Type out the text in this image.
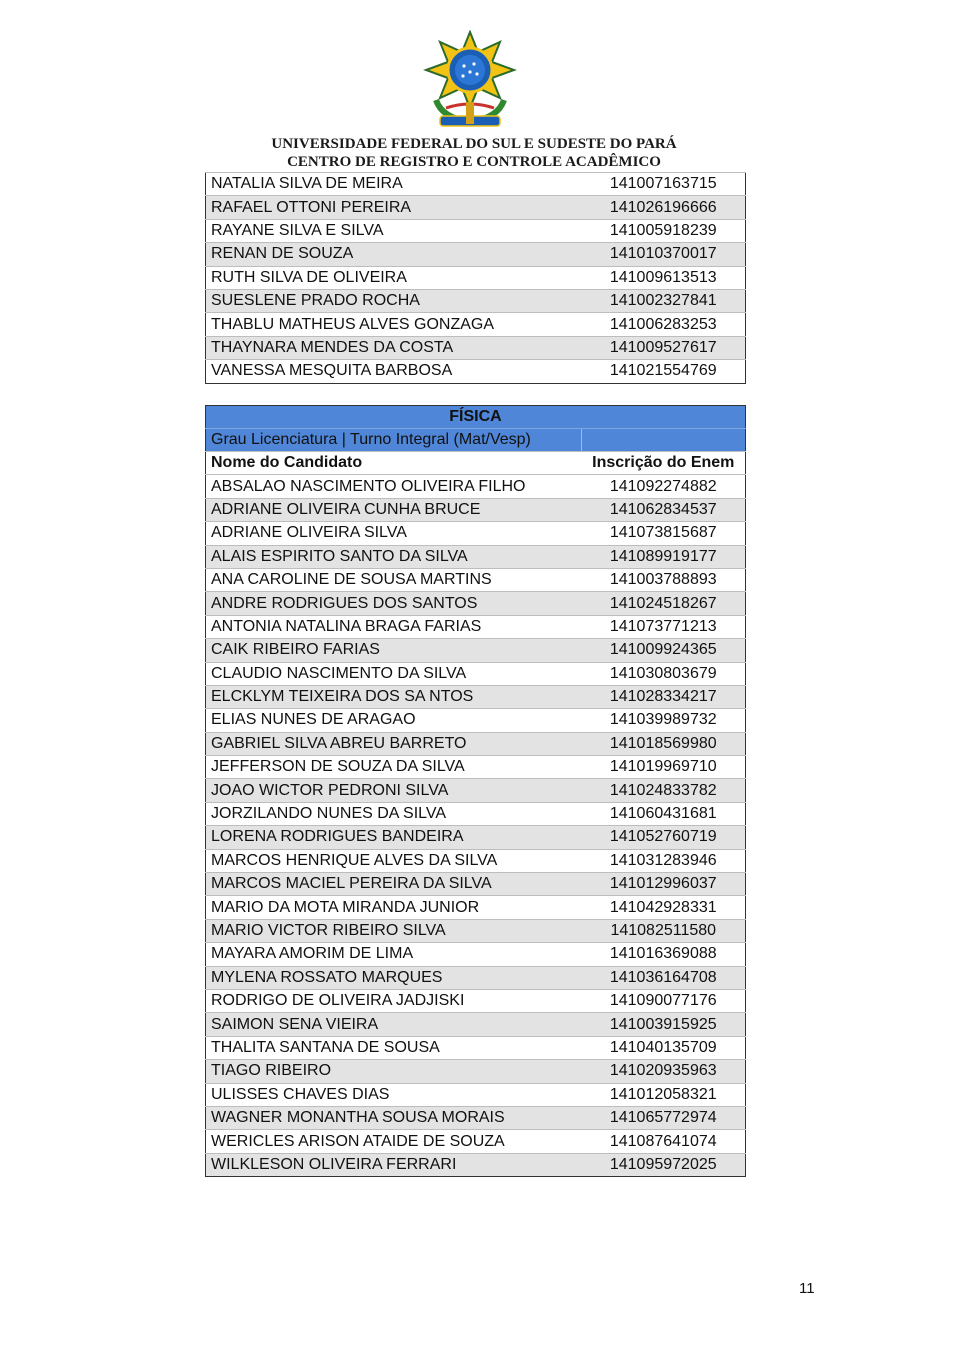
UNIVERSIDADE FEDERAL DO SUL E SUDESTE DO PARÁ
CENTRO DE REGISTRO E CONTROLE ACADÊMICO
NATALIA SILVA DE MEIRA	141007163715
RAFAEL OTTONI PEREIRA	141026196666
RAYANE SILVA E SILVA	141005918239
RENAN DE SOUZA	141010370017
RUTH SILVA DE OLIVEIRA	141009613513
SUESLENE PRADO ROCHA	141002327841
THABLU MATHEUS ALVES GONZAGA	141006283253
THAYNARA MENDES DA COSTA	141009527617
VANESSA MESQUITA BARBOSA	141021554769
FÍSICA	
Grau Licenciatura | Turno Integral (Mat/Vesp)	
Nome do Candidato	Inscrição do Enem
ABSALAO NASCIMENTO OLIVEIRA FILHO	141092274882
ADRIANE OLIVEIRA CUNHA BRUCE	141062834537
ADRIANE OLIVEIRA SILVA	141073815687
ALAIS ESPIRITO SANTO DA SILVA	141089919177
ANA CAROLINE DE SOUSA MARTINS	141003788893
ANDRE RODRIGUES DOS SANTOS	141024518267
ANTONIA NATALINA BRAGA FARIAS	141073771213
CAIK RIBEIRO FARIAS	141009924365
CLAUDIO NASCIMENTO DA SILVA	141030803679
ELCKLYM TEIXEIRA DOS SA NTOS	141028334217
ELIAS NUNES DE ARAGAO	141039989732
GABRIEL SILVA ABREU BARRETO	141018569980
JEFFERSON DE SOUZA DA SILVA	141019969710
JOAO WICTOR PEDRONI SILVA	141024833782
JORZILANDO NUNES DA SILVA	141060431681
LORENA RODRIGUES BANDEIRA	141052760719
MARCOS HENRIQUE ALVES DA SILVA	141031283946
MARCOS MACIEL PEREIRA DA SILVA	141012996037
MARIO DA MOTA MIRANDA JUNIOR	141042928331
MARIO VICTOR RIBEIRO SILVA	141082511580
MAYARA AMORIM DE LIMA	141016369088
MYLENA ROSSATO MARQUES	141036164708
RODRIGO DE OLIVEIRA JADJISKI	141090077176
SAIMON SENA VIEIRA	141003915925
THALITA SANTANA DE SOUSA	141040135709
TIAGO RIBEIRO	141020935963
ULISSES CHAVES DIAS	141012058321
WAGNER MONANTHA SOUSA MORAIS	141065772974
WERICLES ARISON ATAIDE DE SOUZA	141087641074
WILKLESON OLIVEIRA FERRARI	141095972025
11
